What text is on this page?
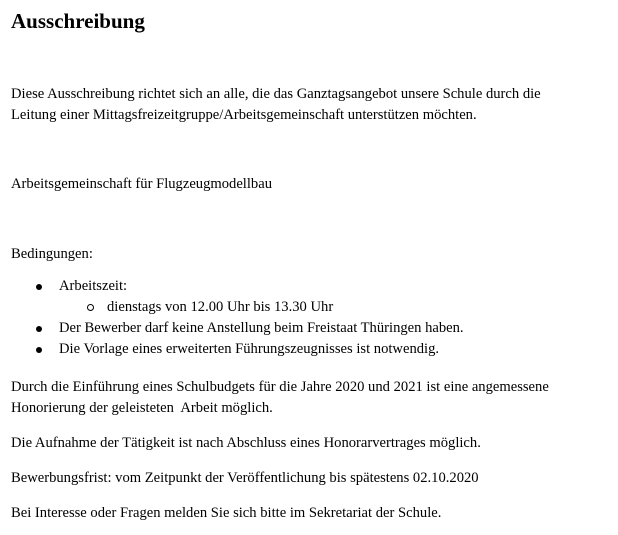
Ausschreibung
Diese Ausschreibung richtet sich an alle, die das Ganztagsangebot unsere Schule durch die
Leitung einer Mittagsfreizeitgruppe/Arbeitsgemeinschaft unterstützen möchten.
Arbeitsgemeinschaft für Flugzeugmodellbau
Bedingungen:
Arbeitszeit:
dienstags von 12.00 Uhr bis 13.30 Uhr
Der Bewerber darf keine Anstellung beim Freistaat Thüringen haben.
Die Vorlage eines erweiterten Führungszeugnisses ist notwendig.
Durch die Einführung eines Schulbudgets für die Jahre 2020 und 2021 ist eine angemessene
Honorierung der geleisteten  Arbeit möglich.
Die Aufnahme der Tätigkeit ist nach Abschluss eines Honorarvertrages möglich.
Bewerbungsfrist: vom Zeitpunkt der Veröffentlichung bis spätestens 02.10.2020
Bei Interesse oder Fragen melden Sie sich bitte im Sekretariat der Schule.
